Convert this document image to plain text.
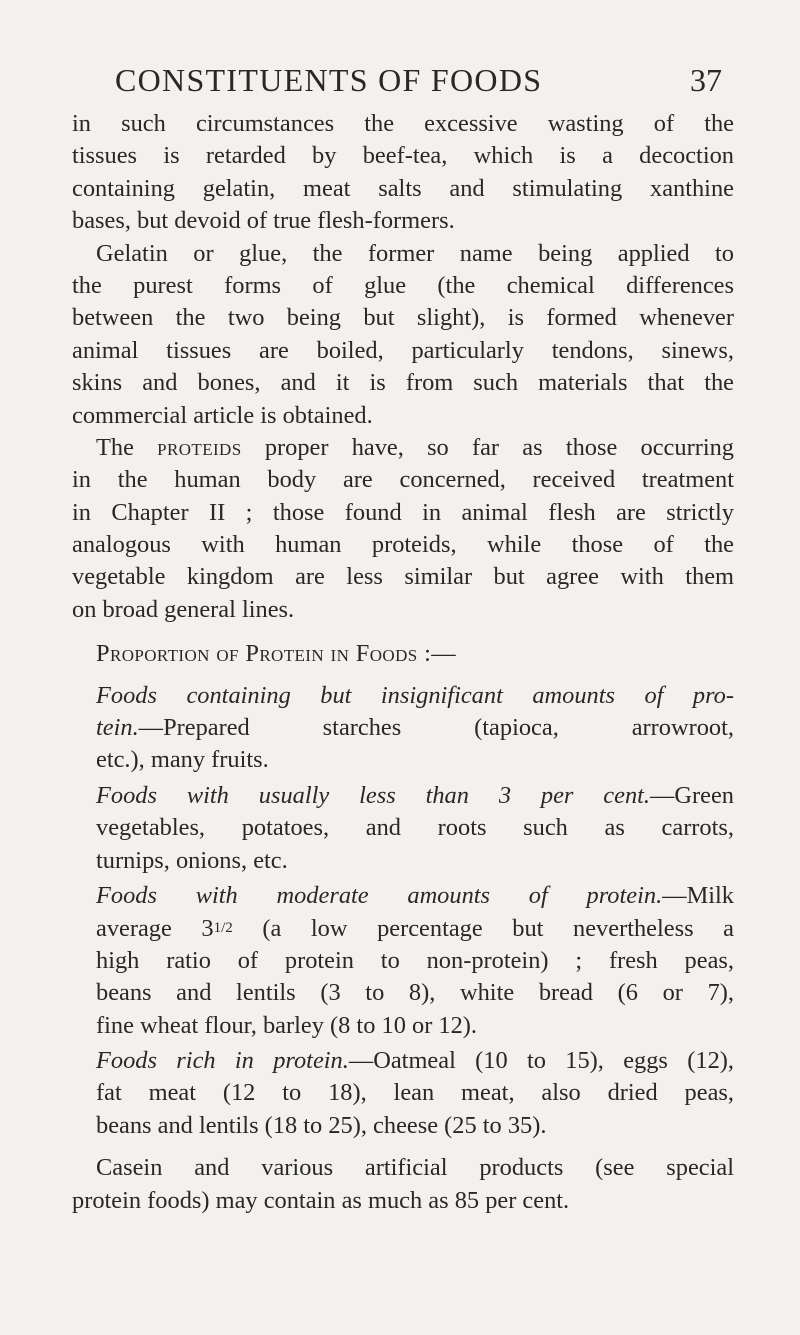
CONSTITUENTS OF FOODS	37
in such circumstances the excessive wasting of the
tissues is retarded by beef-tea, which is a decoction
containing gelatin, meat salts and stimulating xanthine
bases, but devoid of true flesh-formers.
Gelatin or glue, the former name being applied to
the purest forms of glue (the chemical differences
between the two being but slight), is formed whenever
animal tissues are boiled, particularly tendons, sinews,
skins and bones, and it is from such materials that the
commercial article is obtained.
The proteids proper have, so far as those occurring
in the human body are concerned, received treatment
in Chapter II ; those found in animal flesh are strictly
analogous with human proteids, while those of the
vegetable kingdom are less similar but agree with them
on broad general lines.
Proportion of Protein in Foods :—
Foods containing but insignificant amounts of pro-
tein.—Prepared starches (tapioca, arrowroot,
etc.), many fruits.
Foods with usually less than 3 per cent.—Green
vegetables, potatoes, and roots such as carrots,
turnips, onions, etc.
Foods with moderate amounts of protein.—Milk
average 31/2 (a low percentage but nevertheless a
high ratio of protein to non-protein) ; fresh peas,
beans and lentils (3 to 8), white bread (6 or 7),
fine wheat flour, barley (8 to 10 or 12).
Foods rich in protein.—Oatmeal (10 to 15), eggs (12),
fat meat (12 to 18), lean meat, also dried peas,
beans and lentils (18 to 25), cheese (25 to 35).
Casein and various artificial products (see special
protein foods) may contain as much as 85 per cent.
